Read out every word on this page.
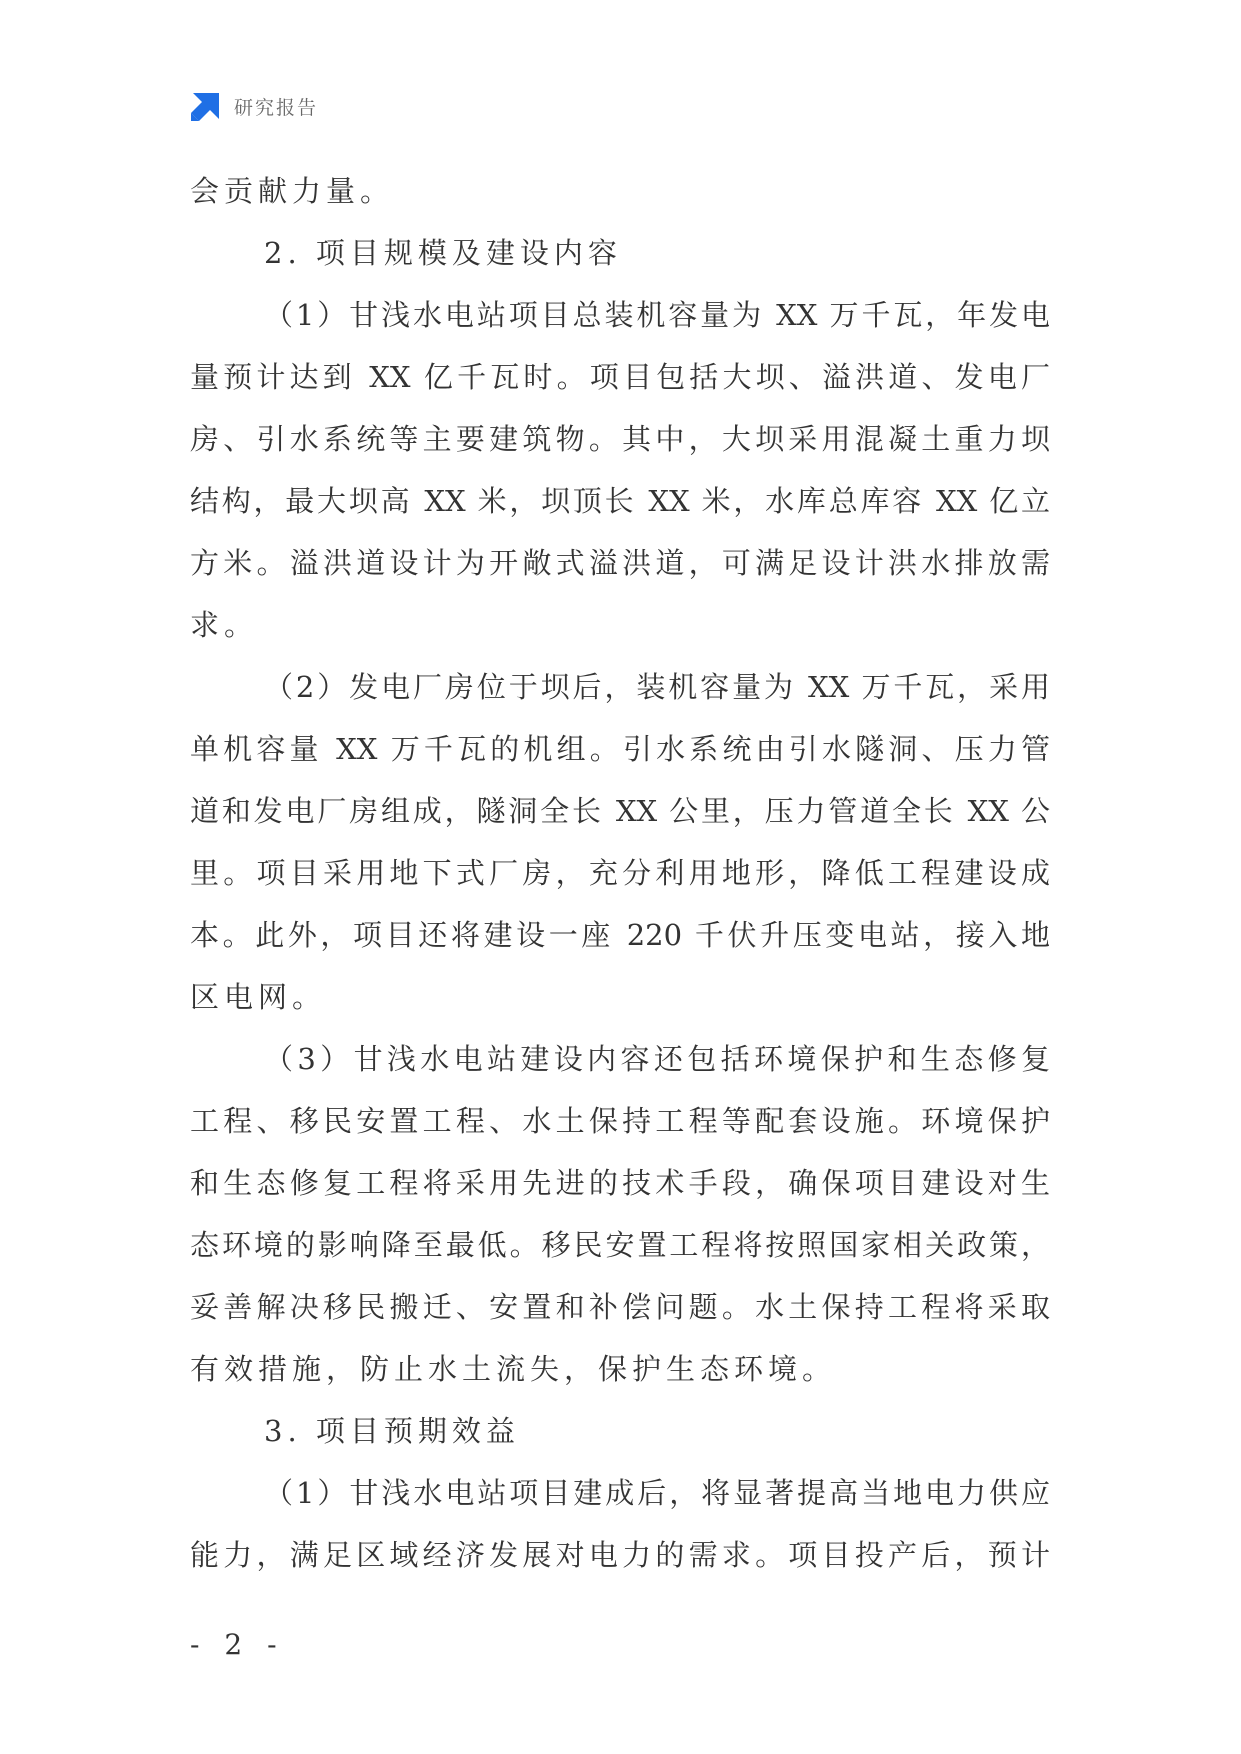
研究报告
会贡献力量。
2. 项目规模及建设内容
（1）甘浅水电站项目总装机容量为 XX 万千瓦，年发电
量预计达到 XX 亿千瓦时。项目包括大坝、溢洪道、发电厂
房、引水系统等主要建筑物。其中，大坝采用混凝土重力坝
结构，最大坝高 XX 米，坝顶长 XX 米，水库总库容 XX 亿立
方米。溢洪道设计为开敞式溢洪道，可满足设计洪水排放需
求。
（2）发电厂房位于坝后，装机容量为 XX 万千瓦，采用
单机容量 XX 万千瓦的机组。引水系统由引水隧洞、压力管
道和发电厂房组成，隧洞全长 XX 公里，压力管道全长 XX 公
里。项目采用地下式厂房，充分利用地形，降低工程建设成
本。此外，项目还将建设一座 220 千伏升压变电站，接入地
区电网。
（3）甘浅水电站建设内容还包括环境保护和生态修复
工程、移民安置工程、水土保持工程等配套设施。环境保护
和生态修复工程将采用先进的技术手段，确保项目建设对生
态环境的影响降至最低。移民安置工程将按照国家相关政策，
妥善解决移民搬迁、安置和补偿问题。水土保持工程将采取
有效措施，防止水土流失，保护生态环境。
3. 项目预期效益
（1）甘浅水电站项目建成后，将显著提高当地电力供应
能力，满足区域经济发展对电力的需求。项目投产后，预计
- 2 -
